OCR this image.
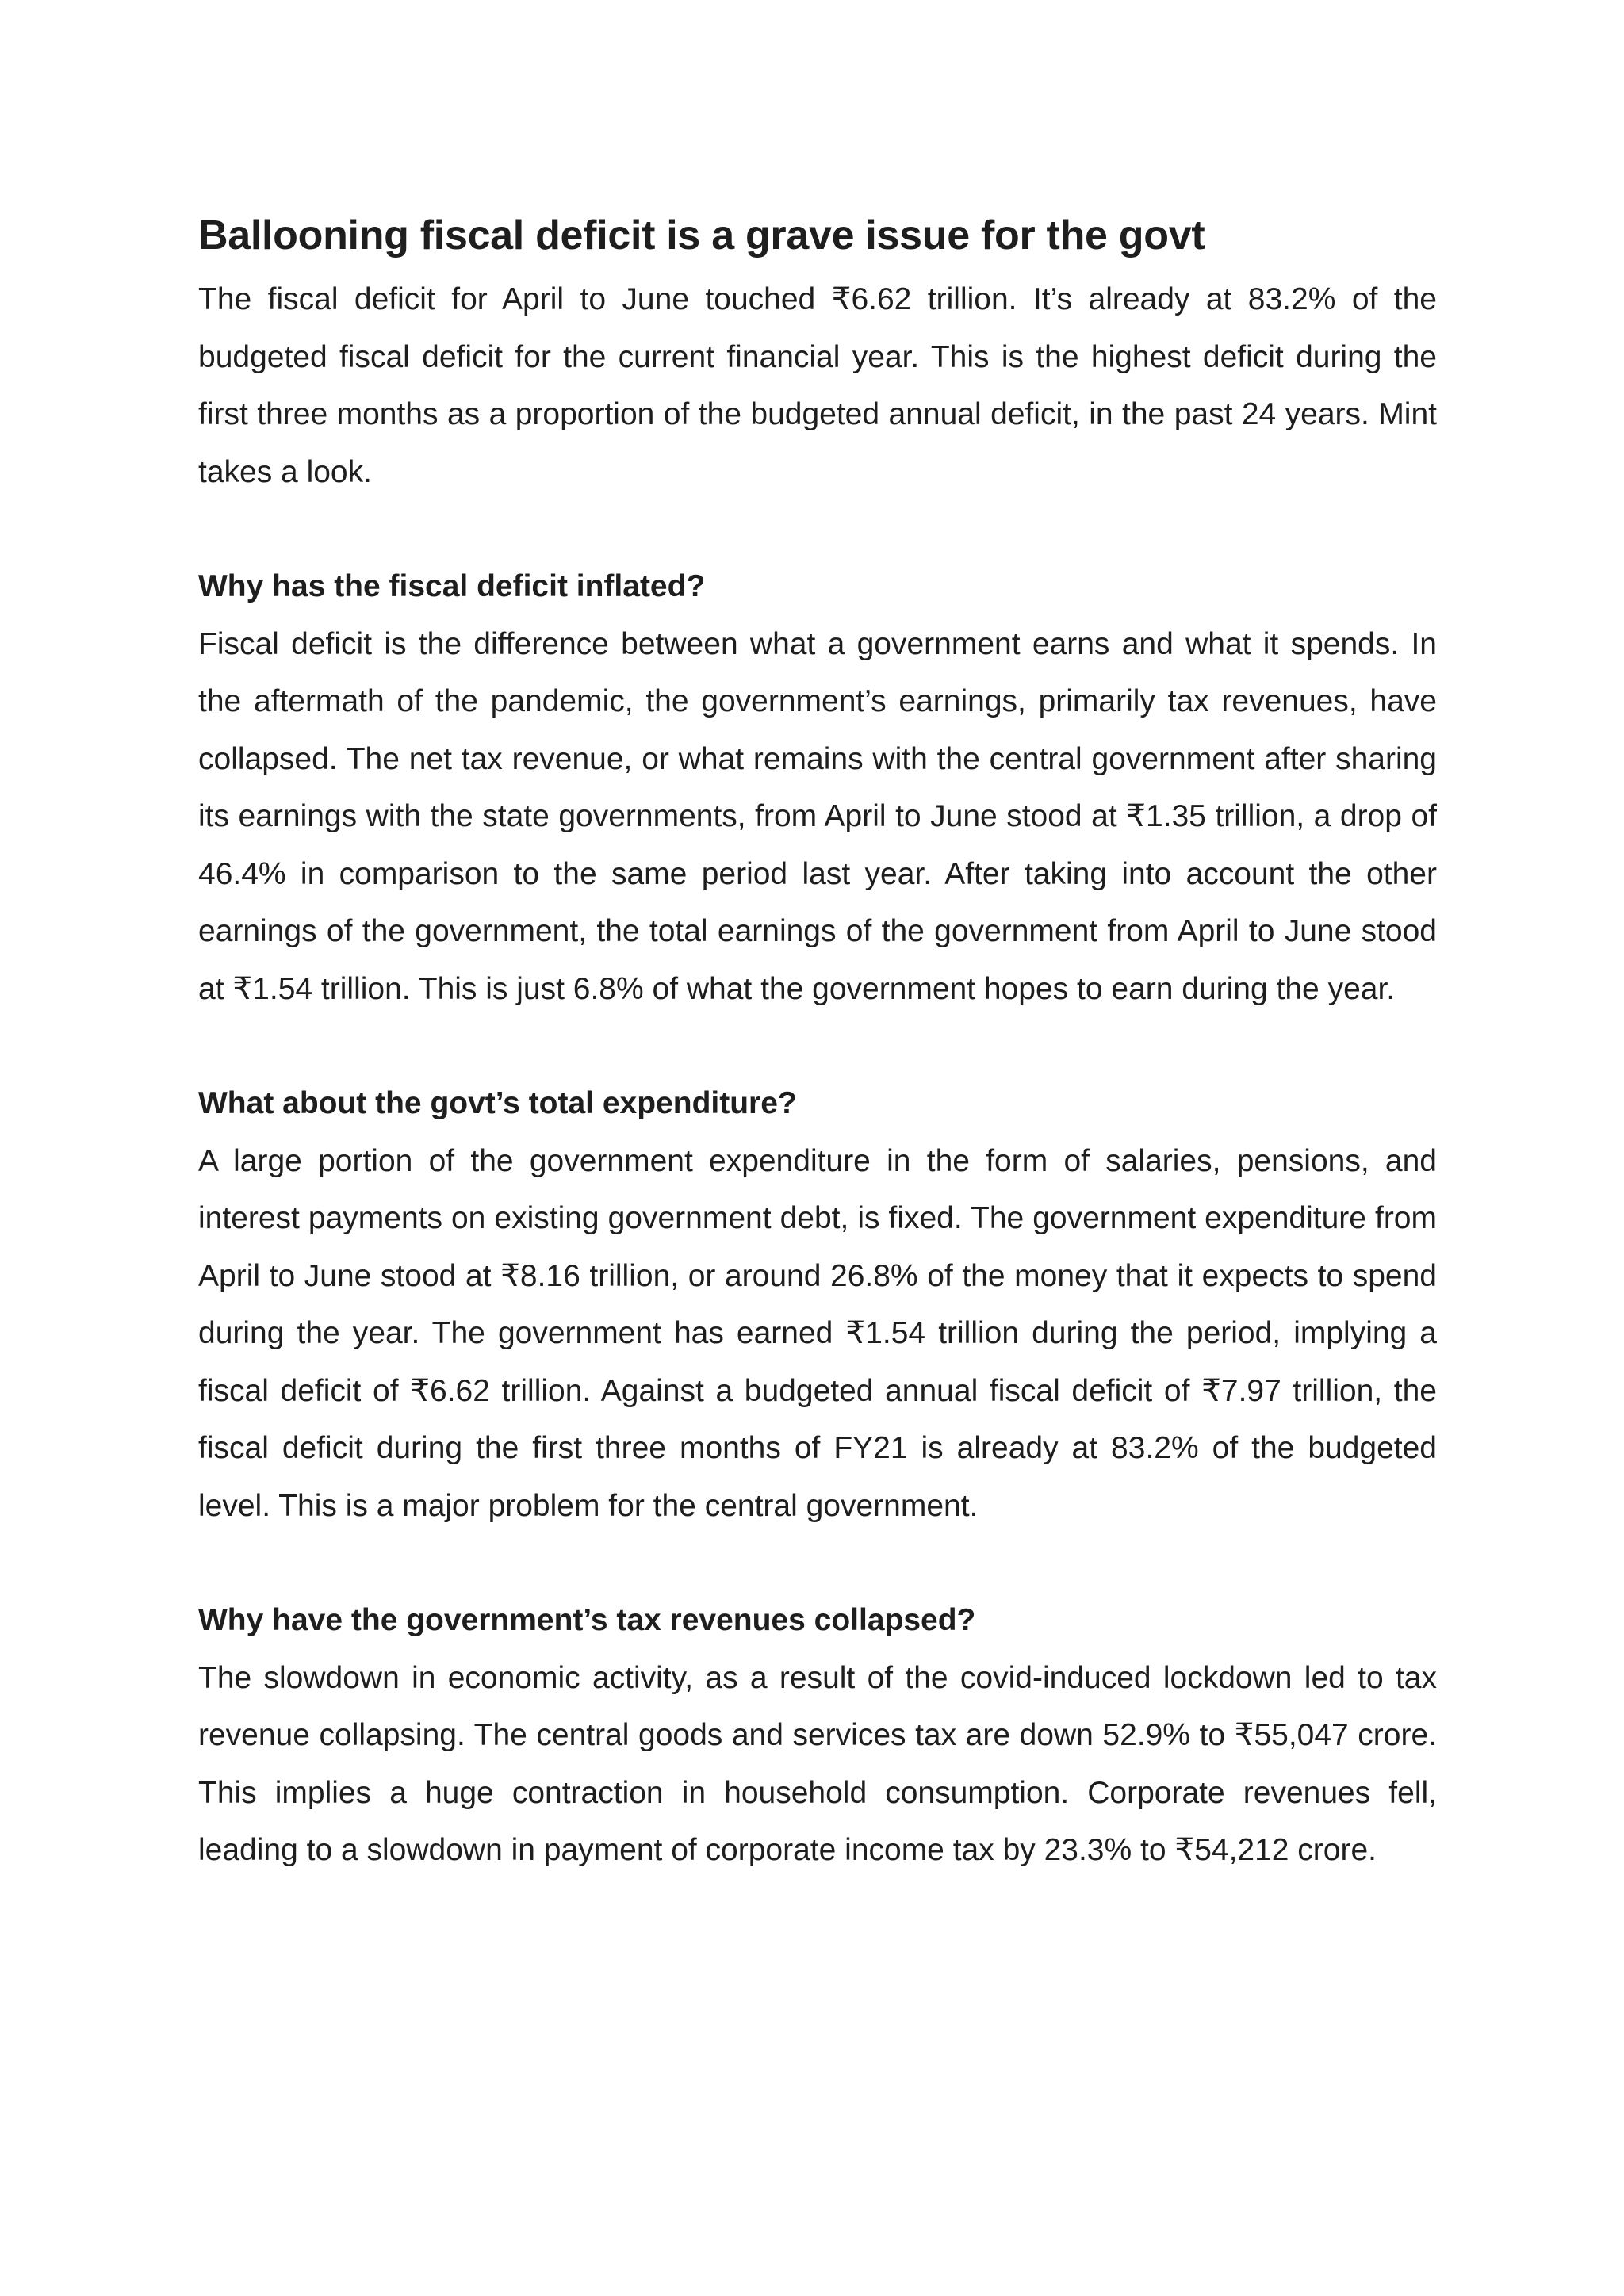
Ballooning fiscal deficit is a grave issue for the govt

The fiscal deficit for April to June touched ₹6.62 trillion. It’s already at 83.2% of the budgeted fiscal deficit for the current financial year. This is the highest deficit during the first three months as a proportion of the budgeted annual deficit, in the past 24 years. Mint takes a look.

Why has the fiscal deficit inflated?

Fiscal deficit is the difference between what a government earns and what it spends. In the aftermath of the pandemic, the government’s earnings, primarily tax revenues, have collapsed. The net tax revenue, or what remains with the central government after sharing its earnings with the state governments, from April to June stood at ₹1.35 trillion, a drop of 46.4% in comparison to the same period last year. After taking into account the other earnings of the government, the total earnings of the government from April to June stood at ₹1.54 trillion. This is just 6.8% of what the government hopes to earn during the year.

What about the govt’s total expenditure?

A large portion of the government expenditure in the form of salaries, pensions, and interest payments on existing government debt, is fixed. The government expenditure from April to June stood at ₹8.16 trillion, or around 26.8% of the money that it expects to spend during the year. The government has earned ₹1.54 trillion during the period, implying a fiscal deficit of ₹6.62 trillion. Against a budgeted annual fiscal deficit of ₹7.97 trillion, the fiscal deficit during the first three months of FY21 is already at 83.2% of the budgeted level. This is a major problem for the central government.

Why have the government’s tax revenues collapsed?

The slowdown in economic activity, as a result of the covid-induced lockdown led to tax revenue collapsing. The central goods and services tax are down 52.9% to ₹55,047 crore. This implies a huge contraction in household consumption. Corporate revenues fell, leading to a slowdown in payment of corporate income tax by 23.3% to ₹54,212 crore.
